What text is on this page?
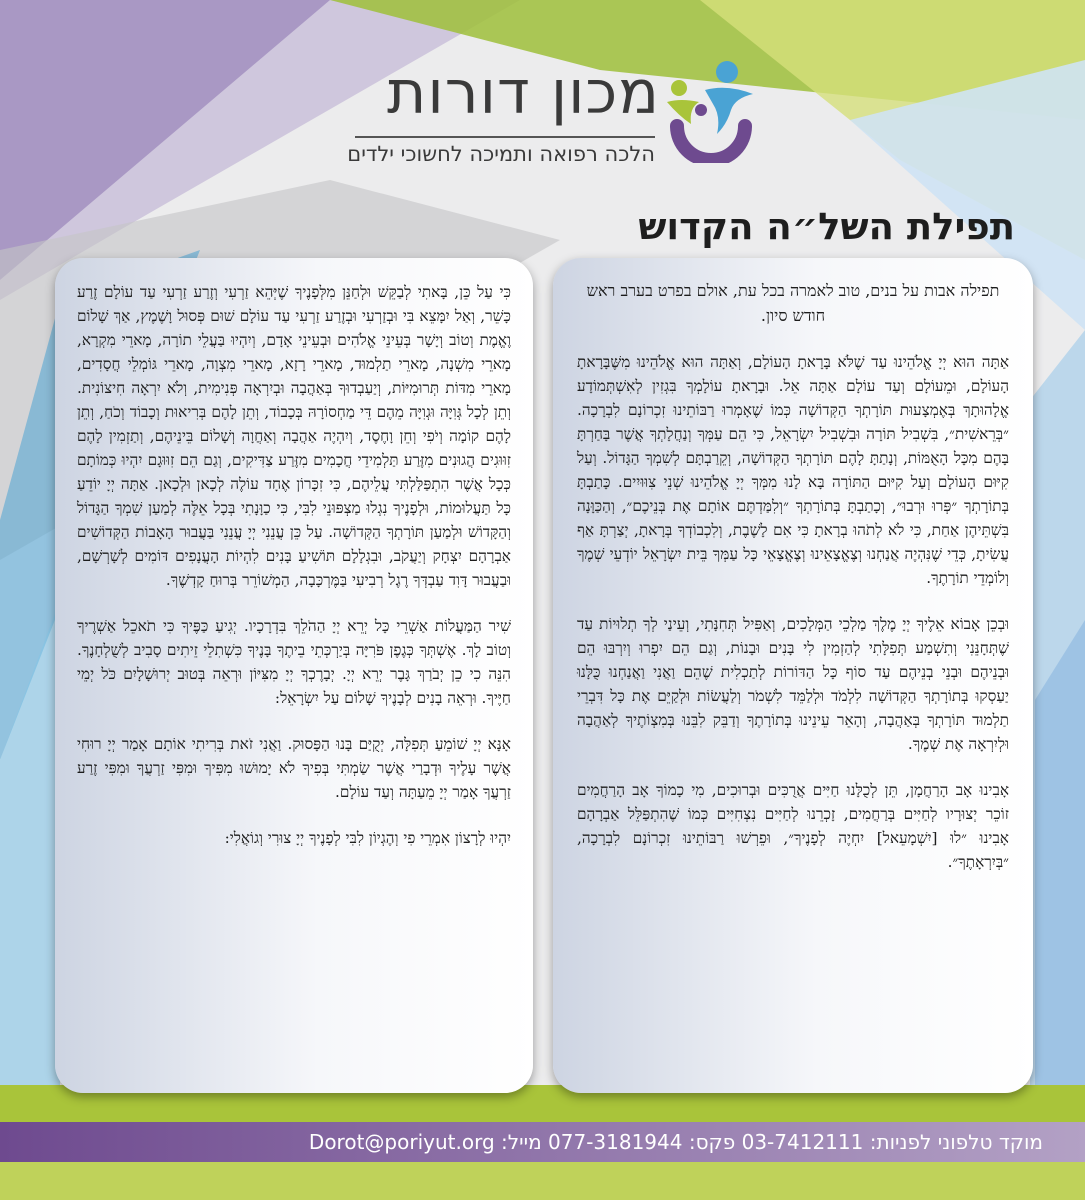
מכון דורות
הלכה רפואה ותמיכה לחשוכי ילדים
תפילת השל״ה הקדוש

תפילה אבות על בנים, טוב לאמרה בכל עת, אולם בפרט בערב ראש חודש סיון.

אַתָּה הוּא יְיָ אֱלֹהֵינוּ עַד שֶׁלֹּא בָּרָאתָ הָעוֹלָם, וְאַתָּה הוּא אֱלֹהֵינוּ מִשֶּׁבָּרָאתָ הָעוֹלָם, וּמֵעוֹלָם וְעַד עוֹלָם אַתָּה אֵל. וּבָרָאתָ עוֹלָמְךָ בִּגְזִין לְאִשְׁתְּמוֹדָע אֱלָהוּתָךְ בְּאֶמְצָעוּת תּוֹרָתְךָ הַקְּדוֹשָׁה כְּמוֹ שֶׁאָמְרוּ רַבּוֹתֵינוּ זִכְרוֹנָם לִבְרָכָה. ״בְּרֵאשִׁית״, בִּשְׁבִיל תּוֹרָה וּבִשְׁבִיל יִשְׂרָאֵל, כִּי הֵם עַמְּךָ וְנַחֲלָתְךָ אֲשֶׁר בָּחַרְתָּ בָּהֶם מִכָּל הָאֻמּוֹת, וְנָתַתָּ לָהֶם תּוֹרָתְךָ הַקְּדוֹשָׁה, וְקֵרַבְתָּם לְשִׁמְךָ הַגָּדוֹל. וְעַל קִיּוּם הָעוֹלָם וְעַל קִיּוּם הַתּוֹרָה בָּא לָנוּ מִמְּךָ יְיָ אֱלֹהֵינוּ שְׁנֵי צִוּוּיִים. כָּתַבְתָּ בְּתוֹרָתְךָ ״פְּרוּ וּרְבוּ״, וְכָתַבְתָּ בְּתוֹרָתְךָ ״וְלִמַּדְתֶּם אוֹתָם אֶת בְּנֵיכֶם״, וְהַכַּוָּנָה בִּשְׁתֵּיהֶן אַחַת, כִּי לֹא לְתֹהוּ בְרָאתָ כִּי אִם לָשֶׁבֶת, וְלִכְבוֹדְךָ בְּרָאתָ, יְצַרְתָּ אַף עֲשִׂיתָ, כְּדֵי שֶׁנִּהְיֶה אֲנַחְנוּ וְצֶאֱצָאֵינוּ וְצֶאֱצָאֵי כָּל עַמְּךָ בֵּית יִשְׂרָאֵל יוֹדְעֵי שְׁמֶךָ וְלוֹמְדֵי תוֹרָתֶךָ.

וּבְכֵן אָבוֹא אֵלֶיךָ יְיָ מֶלֶךְ מַלְכֵי הַמְּלָכִים, וְאַפִּיל תְּחִנָּתִי, וְעֵינַי לְךָ תְלוּיוֹת עַד שֶׁתְּחָנֵּנִי וְתִשְׁמַע תְּפִלָּתִי לְהַזְמִין לִי בָּנִים וּבָנוֹת, וְגַם הֵם יִפְרוּ וְיִרְבּוּ הֵם וּבְנֵיהֶם וּבְנֵי בְנֵיהֶם עַד סוֹף כָּל הַדּוֹרוֹת לְתַכְלִית שֶׁהֵם וַאֲנִי וַאֲנַחְנוּ כֻּלָּנוּ יַעַסְקוּ בְּתוֹרָתְךָ הַקְּדוֹשָׁה לִלְמֹד וּלְלַמֵּד לִשְׁמֹר וְלַעֲשׂוֹת וּלְקַיֵּם אֶת כָּל דִּבְרֵי תַלְמוּד תּוֹרָתְךָ בְּאַהֲבָה, וְהָאֵר עֵינֵינוּ בְּתוֹרָתֶךָ וְדַבֵּק לִבֵּנוּ בְּמִצְוֹתֶיךָ לְאַהֲבָה וּלְיִרְאָה אֶת שְׁמֶךָ.

אָבִינוּ אָב הָרַחֲמָן, תֵּן לְכֻלָּנוּ חַיִּים אֲרֻכִּים וּבְרוּכִים, מִי כָמוֹךָ אָב הָרַחֲמִים זוֹכֵר יְצוּרָיו לְחַיִּים בְּרַחֲמִים, זָכְרֵנוּ לְחַיִּים נִצְחִיִּים כְּמוֹ שֶׁהִתְפַּלֵּל אַבְרָהָם אָבִינוּ ״לוּ [יִשְׁמָעֵאל] יִחְיֶה לְפָנֶיךָ״, וּפֵרְשׁוּ רַבּוֹתֵינוּ זִכְרוֹנָם לִבְרָכָה, ״בְּיִרְאָתֶךָ״.

כִּי עַל כֵּן, בָּאתִי לְבַקֵּשׁ וּלְחַנֵּן מִלְּפָנֶיךָ שֶׁיְּהֵא זַרְעִי וְזֶרַע זַרְעִי עַד עוֹלָם זֶרַע כָּשֵׁר, וְאַל יִמָּצֵא בִּי וּבְזַרְעִי וּבְזֶרַע זַרְעִי עַד עוֹלָם שׁוּם פְּסוּל וָשֶׁמֶץ, אַךְ שָׁלוֹם וֶאֱמֶת וְטוֹב וְיָשָׁר בְּעֵינֵי אֱלֹהִים וּבְעֵינֵי אָדָם, וְיִהְיוּ בַּעֲלֵי תוֹרָה, מָארֵי מִקְרָא, מָארֵי מִשְׁנָה, מָארֵי תַלְמוּד, מָארֵי רָזָא, מָארֵי מִצְוָה, מָארֵי גּוֹמְלֵי חֲסָדִים, מָארֵי מִדּוֹת תְּרוּמִיּוֹת, וְיַעַבְדוּךָ בְּאַהֲבָה וּבְיִרְאָה פְּנִימִית, וְלֹא יִרְאָה חִיצוֹנִית. וְתֵן לְכָל גְּוִיָּה וּגְוִיָּה מֵהֶם דֵּי מַחְסוֹרָהּ בְּכָבוֹד, וְתֵן לָהֶם בְּרִיאוּת וְכָבוֹד וְכֹחַ, וְתֵן לָהֶם קוֹמָה וְיֹפִי וְחֵן וָחֶסֶד, וְיִהְיֶה אַהֲבָה וְאַחֲוָה וְשָׁלוֹם בֵּינֵיהֶם, וְתַזְמִין לָהֶם זִוּוּגִים הֲגוּנִים מִזֶּרַע תַּלְמִידֵי חֲכָמִים מִזֶּרַע צַדִּיקִים, וְגַם הֵם זִוּוּגָם יִהְיוּ כְּמוֹתָם כְּכָל אֲשֶׁר הִתְפַּלַּלְתִּי עֲלֵיהֶם, כִּי זִכָּרוֹן אֶחָד עוֹלֶה לְכָאן וּלְכָאן. אַתָּה יְיָ יוֹדֵעַ כָּל תַּעֲלוּמוֹת, וּלְפָנֶיךָ נִגְלוּ מַצְפּוּנֵי לִבִּי, כִּי כַוָּנָתִי בְּכָל אֵלֶּה לְמַעַן שִׁמְךָ הַגָּדוֹל וְהַקָּדוֹשׁ וּלְמַעַן תּוֹרָתְךָ הַקְּדוֹשָׁה. עַל כֵּן עֲנֵנִי יְיָ עֲנֵנִי בַּעֲבוּר הָאָבוֹת הַקְּדוֹשִׁים אַבְרָהָם יִצְחָק וְיַעֲקֹב, וּבִגְלָלָם תּוֹשִׁיעַ בָּנִים לִהְיוֹת הָעֲנָפִים דּוֹמִים לְשָׁרְשָׁם, וּבַעֲבוּר דָּוִד עַבְדְּךָ רֶגֶל רְבִיעִי בַּמֶּרְכָּבָה, הַמְשׁוֹרֵר בְּרוּחַ קָדְשֶׁךָ.

שִׁיר הַמַּעֲלוֹת אַשְׁרֵי כָּל יְרֵא יְיָ הַהֹלֵךְ בִּדְרָכָיו. יְגִיעַ כַּפֶּיךָ כִּי תֹאכֵל אַשְׁרֶיךָ וְטוֹב לָךְ. אֶשְׁתְּךָ כְּגֶפֶן פֹּרִיָּה בְּיַרְכְּתֵי בֵיתֶךָ בָּנֶיךָ כִּשְׁתִלֵי זֵיתִים סָבִיב לְשֻׁלְחָנֶךָ. הִנֵּה כִי כֵן יְבֹרַךְ גָּבֶר יְרֵא יְיָ. יְבָרֶכְךָ יְיָ מִצִּיּוֹן וּרְאֵה בְּטוּב יְרוּשָׁלָיִם כֹּל יְמֵי חַיֶּיךָ. וּרְאֵה בָנִים לְבָנֶיךָ שָׁלוֹם עַל יִשְׂרָאֵל:

אָנָּא יְיָ שׁוֹמֵעַ תְּפִלָּה, יְקֻיַּם בָּנוּ הַפָּסוּק. וַאֲנִי זֹאת בְּרִיתִי אוֹתָם אָמַר יְיָ רוּחִי אֲשֶׁר עָלֶיךָ וּדְבָרַי אֲשֶׁר שַׂמְתִּי בְּפִיךָ לֹא יָמוּשׁוּ מִפִּיךָ וּמִפִּי זַרְעֲךָ וּמִפִּי זֶרַע זַרְעֲךָ אָמַר יְיָ מֵעַתָּה וְעַד עוֹלָם.

יִהְיוּ לְרָצוֹן אִמְרֵי פִי וְהֶגְיוֹן לִבִּי לְפָנֶיךָ יְיָ צוּרִי וְגוֹאֲלִי:

מוקד טלפוני לפניות: 03-7412111 פקס: 077-3181944 מייל: Dorot@poriyut.org
